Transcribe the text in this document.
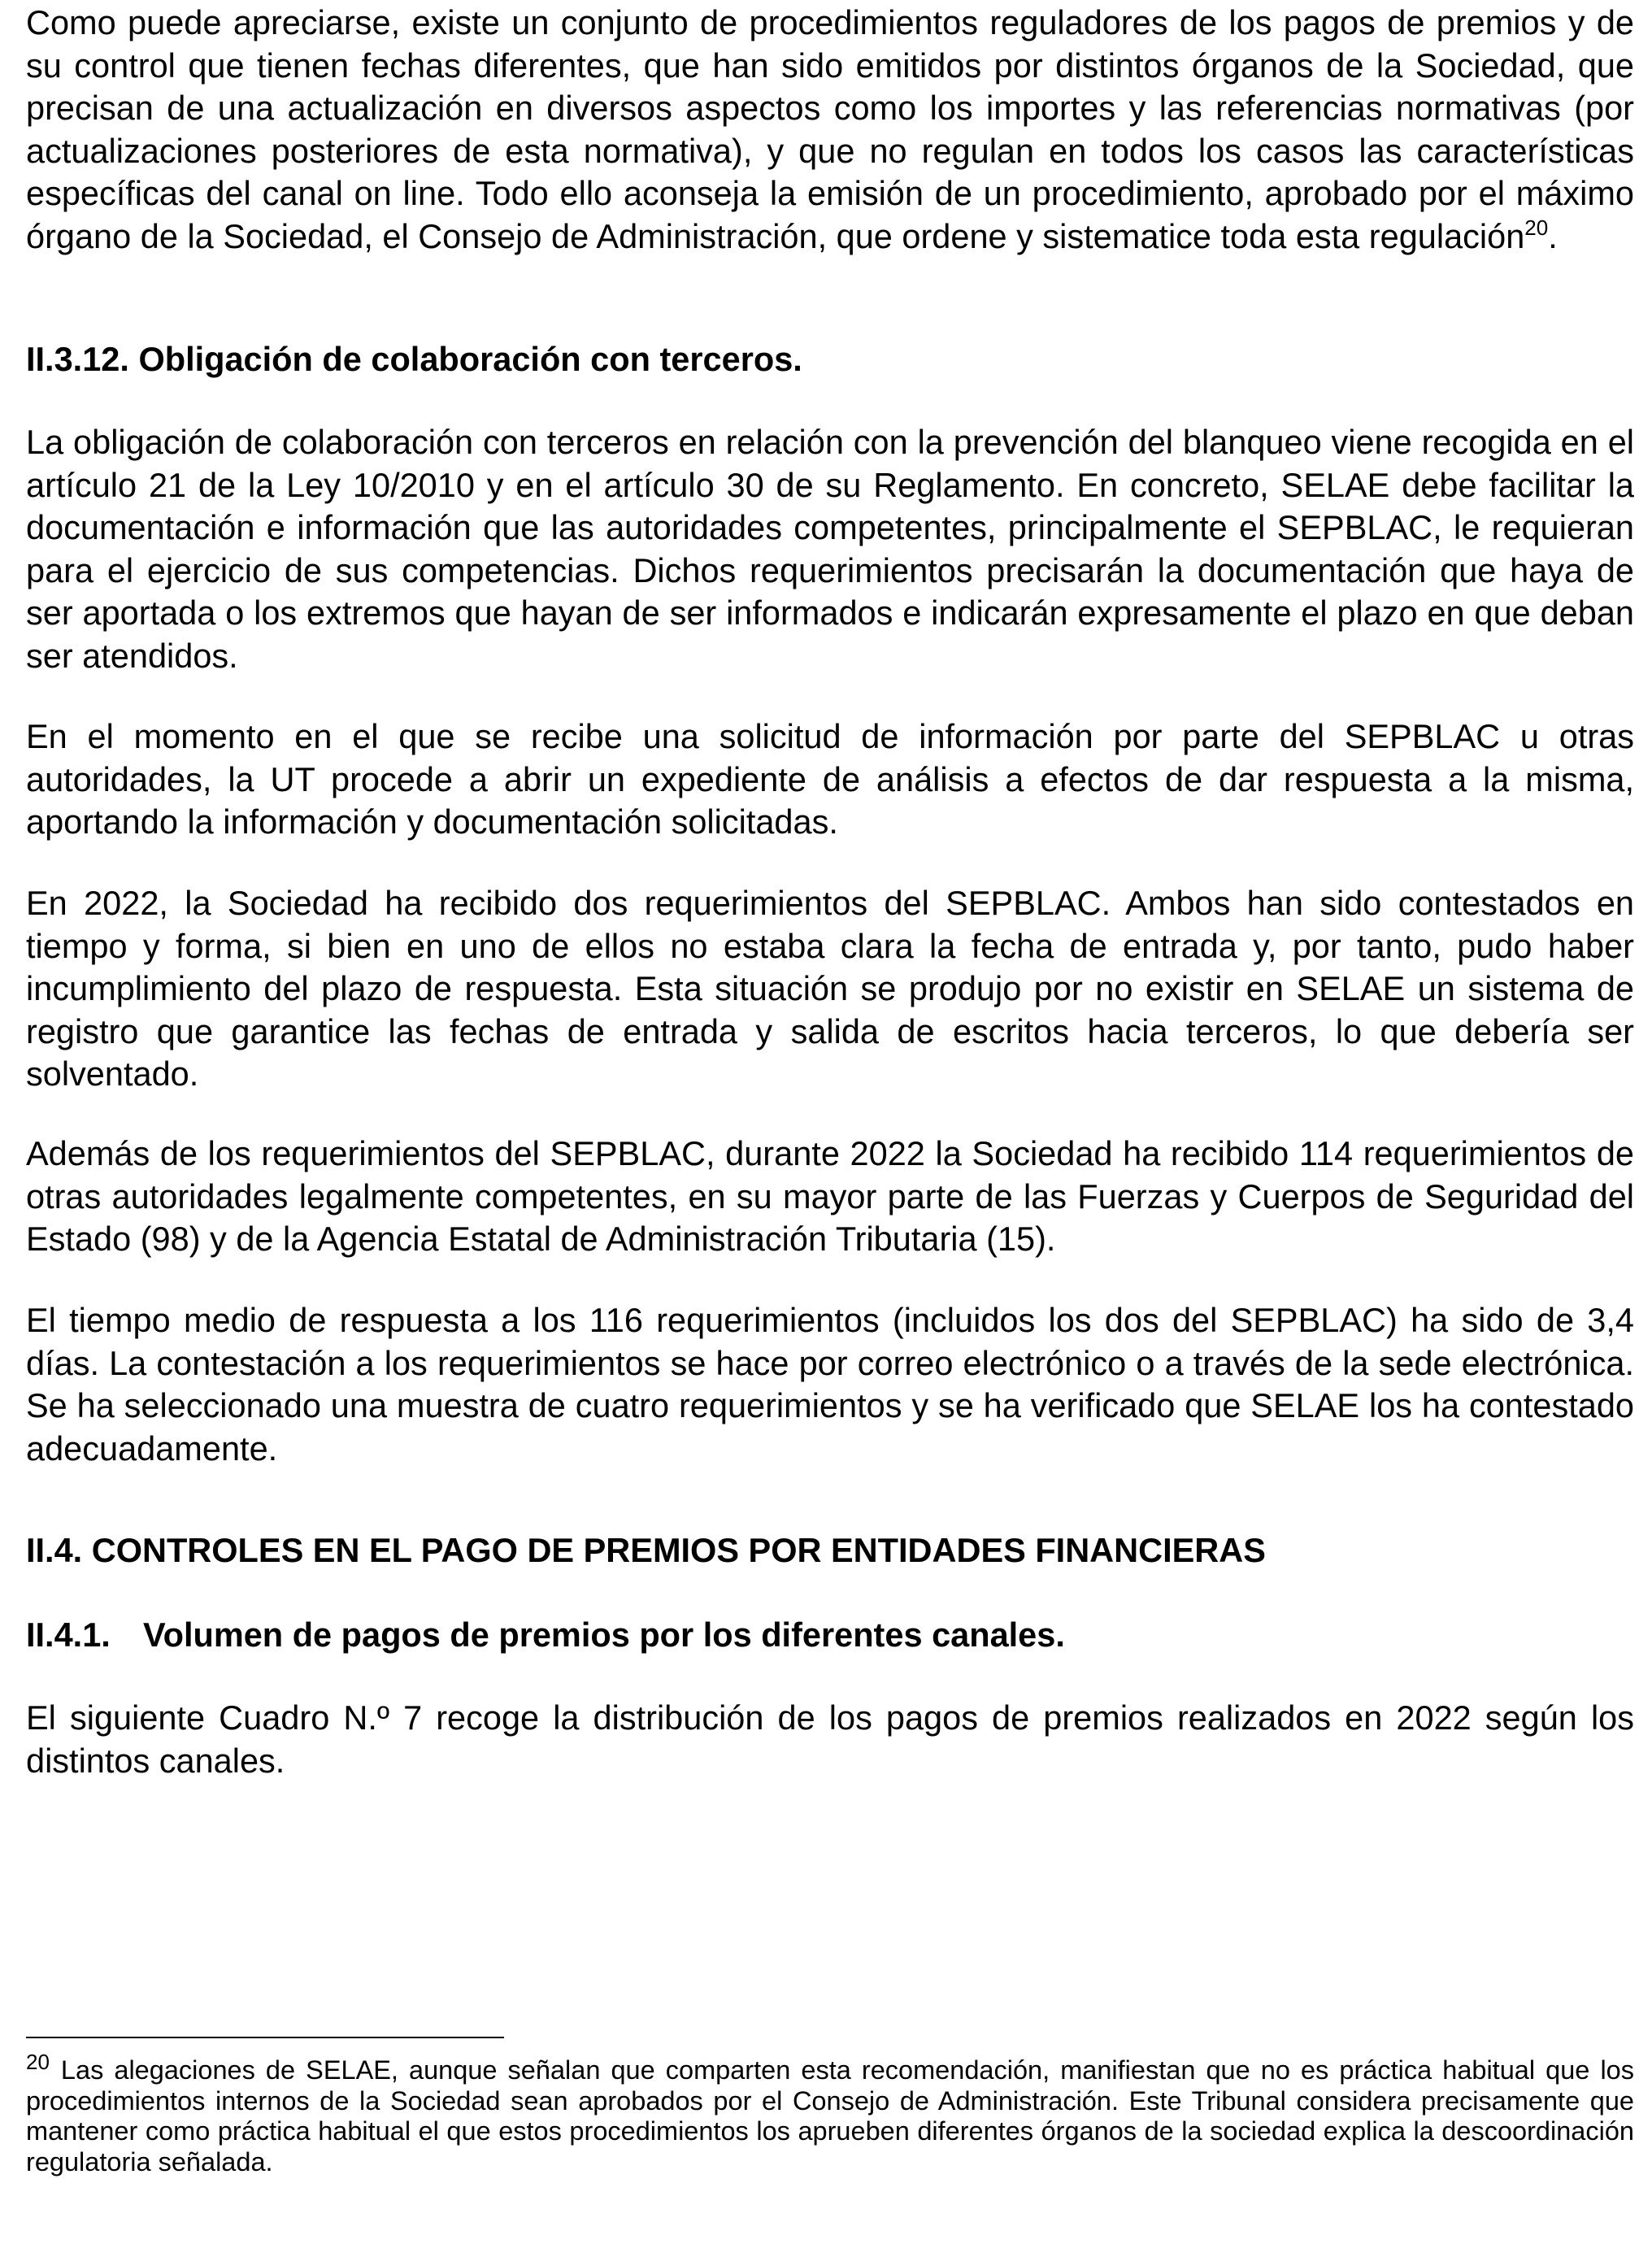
Como puede apreciarse, existe un conjunto de procedimientos reguladores de los pagos de premios y de su control que tienen fechas diferentes, que han sido emitidos por distintos órganos de la Sociedad, que precisan de una actualización en diversos aspectos como los importes y las referencias normativas (por actualizaciones posteriores de esta normativa), y que no regulan en todos los casos las características específicas del canal on line. Todo ello aconseja la emisión de un procedimiento, aprobado por el máximo órgano de la Sociedad, el Consejo de Administración, que ordene y sistematice toda esta regulación$^{20}$.

II.3.12. Obligación de colaboración con terceros.

La obligación de colaboración con terceros en relación con la prevención del blanqueo viene recogida en el artículo 21 de la Ley 10/2010 y en el artículo 30 de su Reglamento. En concreto, SELAE debe facilitar la documentación e información que las autoridades competentes, principalmente el SEPBLAC, le requieran para el ejercicio de sus competencias. Dichos requerimientos precisarán la documentación que haya de ser aportada o los extremos que hayan de ser informados e indicarán expresamente el plazo en que deban ser atendidos.

En el momento en el que se recibe una solicitud de información por parte del SEPBLAC u otras autoridades, la UT procede a abrir un expediente de análisis a efectos de dar respuesta a la misma, aportando la información y documentación solicitadas.

En 2022, la Sociedad ha recibido dos requerimientos del SEPBLAC. Ambos han sido contestados en tiempo y forma, si bien en uno de ellos no estaba clara la fecha de entrada y, por tanto, pudo haber incumplimiento del plazo de respuesta. Esta situación se produjo por no existir en SELAE un sistema de registro que garantice las fechas de entrada y salida de escritos hacia terceros, lo que debería ser solventado.

Además de los requerimientos del SEPBLAC, durante 2022 la Sociedad ha recibido 114 requerimientos de otras autoridades legalmente competentes, en su mayor parte de las Fuerzas y Cuerpos de Seguridad del Estado (98) y de la Agencia Estatal de Administración Tributaria (15).

El tiempo medio de respuesta a los 116 requerimientos (incluidos los dos del SEPBLAC) ha sido de 3,4 días. La contestación a los requerimientos se hace por correo electrónico o a través de la sede electrónica. Se ha seleccionado una muestra de cuatro requerimientos y se ha verificado que SELAE los ha contestado adecuadamente.

II.4. CONTROLES EN EL PAGO DE PREMIOS POR ENTIDADES FINANCIERAS
II.4.1. Volumen de pagos de premios por los diferentes canales.

El siguiente Cuadro N.º 7 recoge la distribución de los pagos de premios realizados en 2022 según los distintos canales.

$^{20}$ Las alegaciones de SELAE, aunque señalan que comparten esta recomendación, manifiestan que no es práctica habitual que los procedimientos internos de la Sociedad sean aprobados por el Consejo de Administración. Este Tribunal considera precisamente que mantener como práctica habitual el que estos procedimientos los aprueben diferentes órganos de la sociedad explica la descoordinación regulatoria señalada.
